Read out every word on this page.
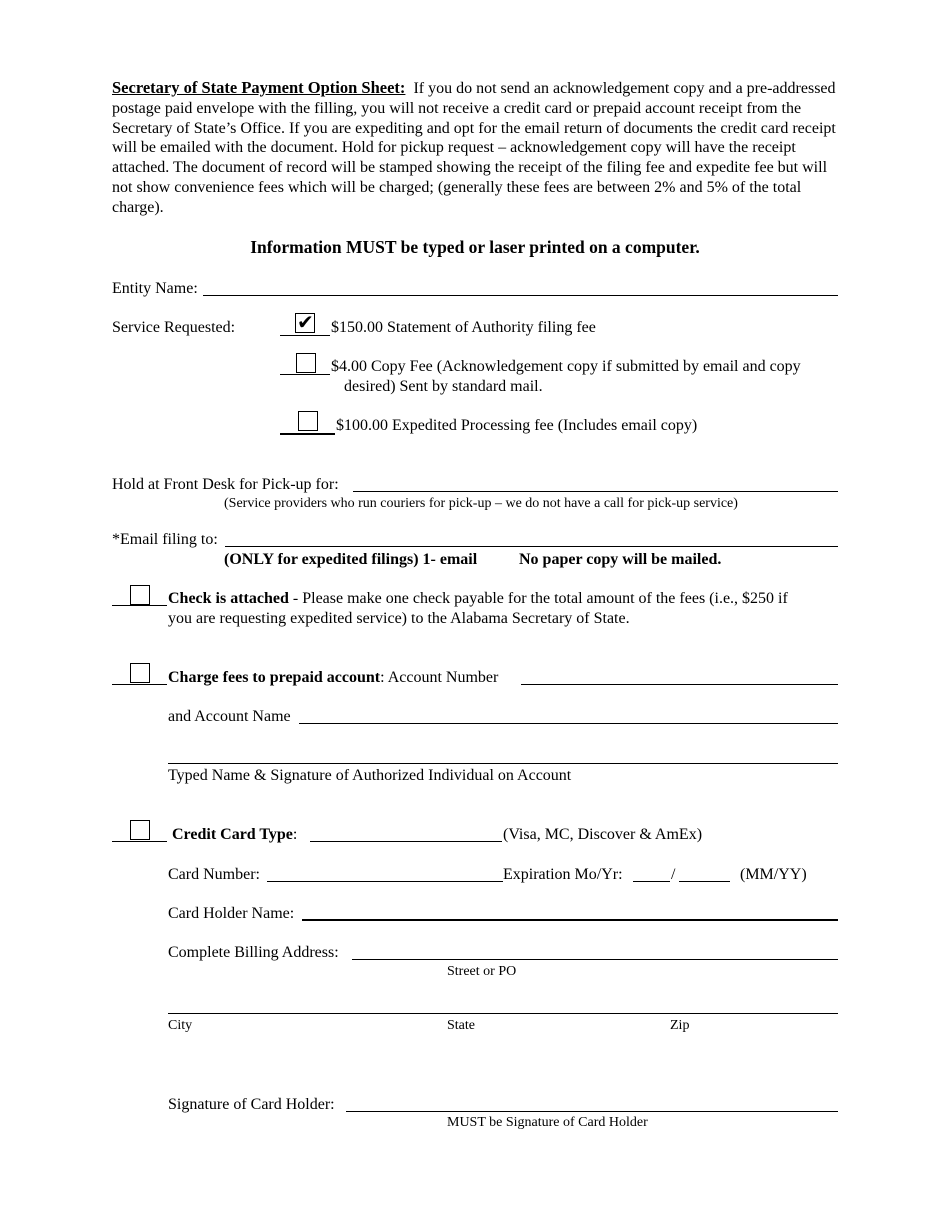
Secretary of State Payment Option Sheet: If you do not send an acknowledgement copy and a pre-addressed postage paid envelope with the filling, you will not receive a credit card or prepaid account receipt from the Secretary of State’s Office. If you are expediting and opt for the email return of documents the credit card receipt will be emailed with the document. Hold for pickup request – acknowledgement copy will have the receipt attached. The document of record will be stamped showing the receipt of the filing fee and expedite fee but will not show convenience fees which will be charged; (generally these fees are between 2% and 5% of the total charge).
Information MUST be typed or laser printed on a computer.
Entity Name:
Service Requested:	✔ $150.00 Statement of Authority filing fee
$4.00 Copy Fee (Acknowledgement copy if submitted by email and copy
desired) Sent by standard mail.
$100.00 Expedited Processing fee (Includes email copy)
Hold at Front Desk for Pick-up for:
(Service providers who run couriers for pick-up – we do not have a call for pick-up service)
*Email filing to:
(ONLY for expedited filings) 1- email	No paper copy will be mailed.
Check is attached - Please make one check payable for the total amount of the fees (i.e., $250 if
you are requesting expedited service) to the Alabama Secretary of State.
Charge fees to prepaid account: Account Number
and Account Name
Typed Name & Signature of Authorized Individual on Account
Credit Card Type:	(Visa, MC, Discover & AmEx)
Card Number:	Expiration Mo/Yr:	/	(MM/YY)
Card Holder Name:
Complete Billing Address:
Street or PO
City	State	Zip
Signature of Card Holder:
MUST be Signature of Card Holder
